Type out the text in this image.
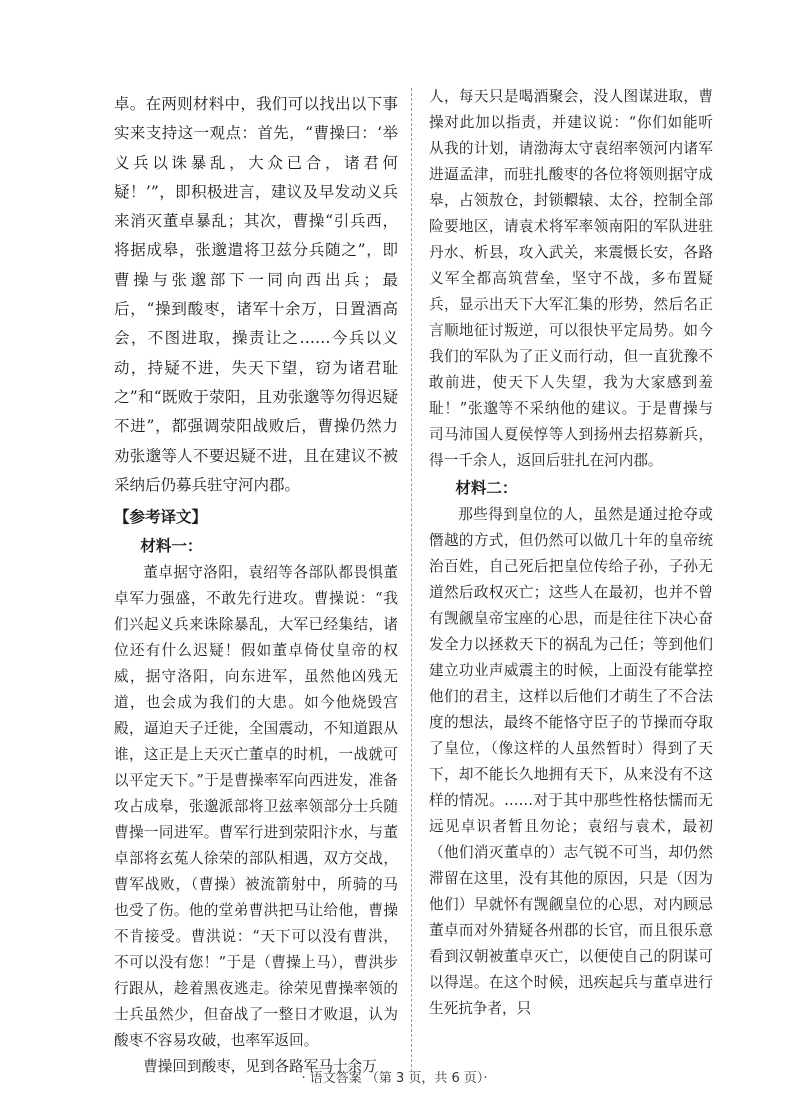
卓。在两则材料中，我们可以找出以下事实来支持这一观点：首先，“曹操曰：‘举义兵以诛暴乱，大众已合，诸君何疑！’”，即积极进言，建议及早发动义兵来消灭董卓暴乱；其次，曹操“引兵西，将据成皋，张邈遣将卫兹分兵随之”，即曹操与张邈部下一同向西出兵；最后，“操到酸枣，诸军十余万，日置酒高会，不图进取，操责让之……今兵以义动，持疑不进，失天下望，窃为诸君耻之”和“既败于荥阳，且劝张邈等勿得迟疑不进”，都强调荥阳战败后，曹操仍然力劝张邈等人不要迟疑不进，且在建议不被采纳后仍募兵驻守河内郡。

【参考译文】
材料一：

董卓据守洛阳，袁绍等各部队都畏惧董卓军力强盛，不敢先行进攻。曹操说：“我们兴起义兵来诛除暴乱，大军已经集结，诸位还有什么迟疑！假如董卓倚仗皇帝的权威，据守洛阳，向东进军，虽然他凶残无道，也会成为我们的大患。如今他烧毁宫殿，逼迫天子迁徙，全国震动，不知道跟从谁，这正是上天灭亡董卓的时机，一战就可以平定天下。”于是曹操率军向西进发，准备攻占成皋，张邈派部将卫兹率领部分士兵随曹操一同进军。曹军行进到荥阳汴水，与董卓部将玄菟人徐荣的部队相遇，双方交战，曹军战败，（曹操）被流箭射中，所骑的马也受了伤。他的堂弟曹洪把马让给他，曹操不肯接受。曹洪说：“天下可以没有曹洪，不可以没有您！”于是（曹操上马），曹洪步行跟从，趁着黑夜逃走。徐荣见曹操率领的士兵虽然少，但奋战了一整日才败退，认为酸枣不容易攻破，也率军返回。

曹操回到酸枣，见到各路军马十余万

人，每天只是喝酒聚会，没人图谋进取，曹操对此加以指责，并建议说：“你们如能听从我的计划，请渤海太守袁绍率领河内诸军进逼孟津，而驻扎酸枣的各位将领则据守成皋，占领敖仓，封锁轘辕、太谷，控制全部险要地区，请袁术将军率领南阳的军队进驻丹水、析县，攻入武关，来震慑长安，各路义军全都高筑营垒，坚守不战，多布置疑兵，显示出天下大军汇集的形势，然后名正言顺地征讨叛逆，可以很快平定局势。如今我们的军队为了正义而行动，但一直犹豫不敢前进，使天下人失望，我为大家感到羞耻！”张邈等不采纳他的建议。于是曹操与司马沛国人夏侯惇等人到扬州去招募新兵，得一千余人，返回后驻扎在河内郡。

材料二：

那些得到皇位的人，虽然是通过抢夺或僭越的方式，但仍然可以做几十年的皇帝统治百姓，自己死后把皇位传给子孙，子孙无道然后政权灭亡；这些人在最初，也并不曾有觊觎皇帝宝座的心思，而是往往下决心奋发全力以拯救天下的祸乱为己任；等到他们建立功业声威震主的时候，上面没有能掌控他们的君主，这样以后他们才萌生了不合法度的想法，最终不能恪守臣子的节操而夺取了皇位，（像这样的人虽然暂时）得到了天下，却不能长久地拥有天下，从来没有不这样的情况。……对于其中那些性格怯懦而无远见卓识者暂且勿论；袁绍与袁术，最初（他们消灭董卓的）志气锐不可当，却仍然滞留在这里，没有其他的原因，只是（因为他们）早就怀有觊觎皇位的心思，对内顾忌董卓而对外猜疑各州郡的长官，而且很乐意看到汉朝被董卓灭亡，以便使自己的阴谋可以得逞。在这个时候，迅疾起兵与董卓进行生死抗争者，只

· 语文答案 （第 3 页，共 6 页）·
